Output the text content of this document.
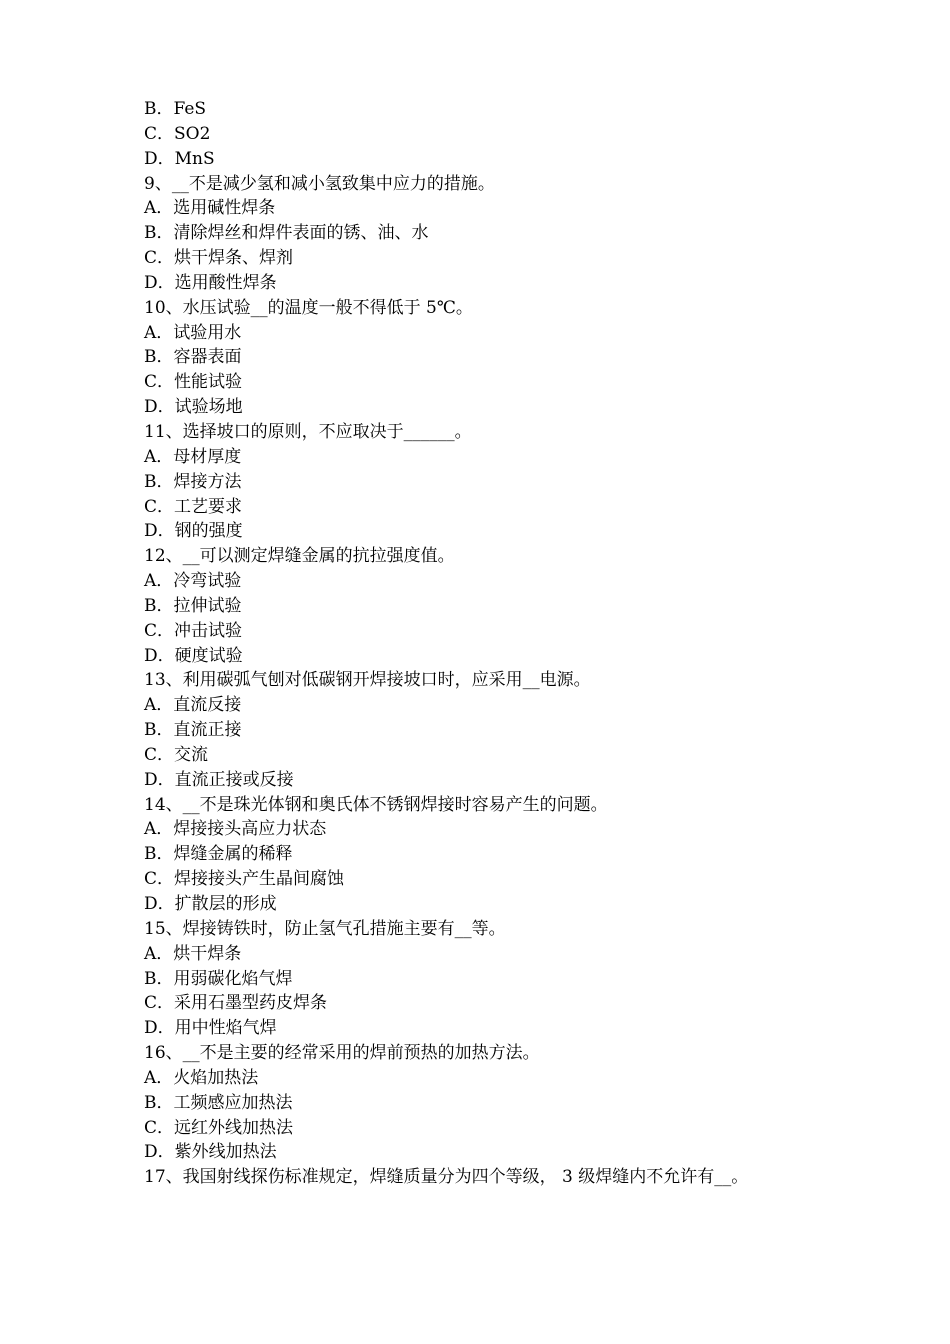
B．FeS
C．SO2
D．MnS
9、__不是减少氢和减小氢致集中应力的措施。
A．选用碱性焊条
B．清除焊丝和焊件表面的锈、油、水
C．烘干焊条、焊剂
D．选用酸性焊条
10、水压试验__的温度一般不得低于 5℃。
A．试验用水
B．容器表面
C．性能试验
D．试验场地
11、选择坡口的原则，不应取决于______。
A．母材厚度
B．焊接方法
C．工艺要求
D．钢的强度
12、__可以测定焊缝金属的抗拉强度值。
A．冷弯试验
B．拉伸试验
C．冲击试验
D．硬度试验
13、利用碳弧气刨对低碳钢开焊接坡口时，应采用__电源。
A．直流反接
B．直流正接
C．交流
D．直流正接或反接
14、__不是珠光体钢和奥氏体不锈钢焊接时容易产生的问题。
A．焊接接头高应力状态
B．焊缝金属的稀释
C．焊接接头产生晶间腐蚀
D．扩散层的形成
15、焊接铸铁时，防止氢气孔措施主要有__等。
A．烘干焊条
B．用弱碳化焰气焊
C．采用石墨型药皮焊条
D．用中性焰气焊
16、__不是主要的经常采用的焊前预热的加热方法。
A．火焰加热法
B．工频感应加热法
C．远红外线加热法
D．紫外线加热法
17、我国射线探伤标准规定，焊缝质量分为四个等级， 3 级焊缝内不允许有__。
